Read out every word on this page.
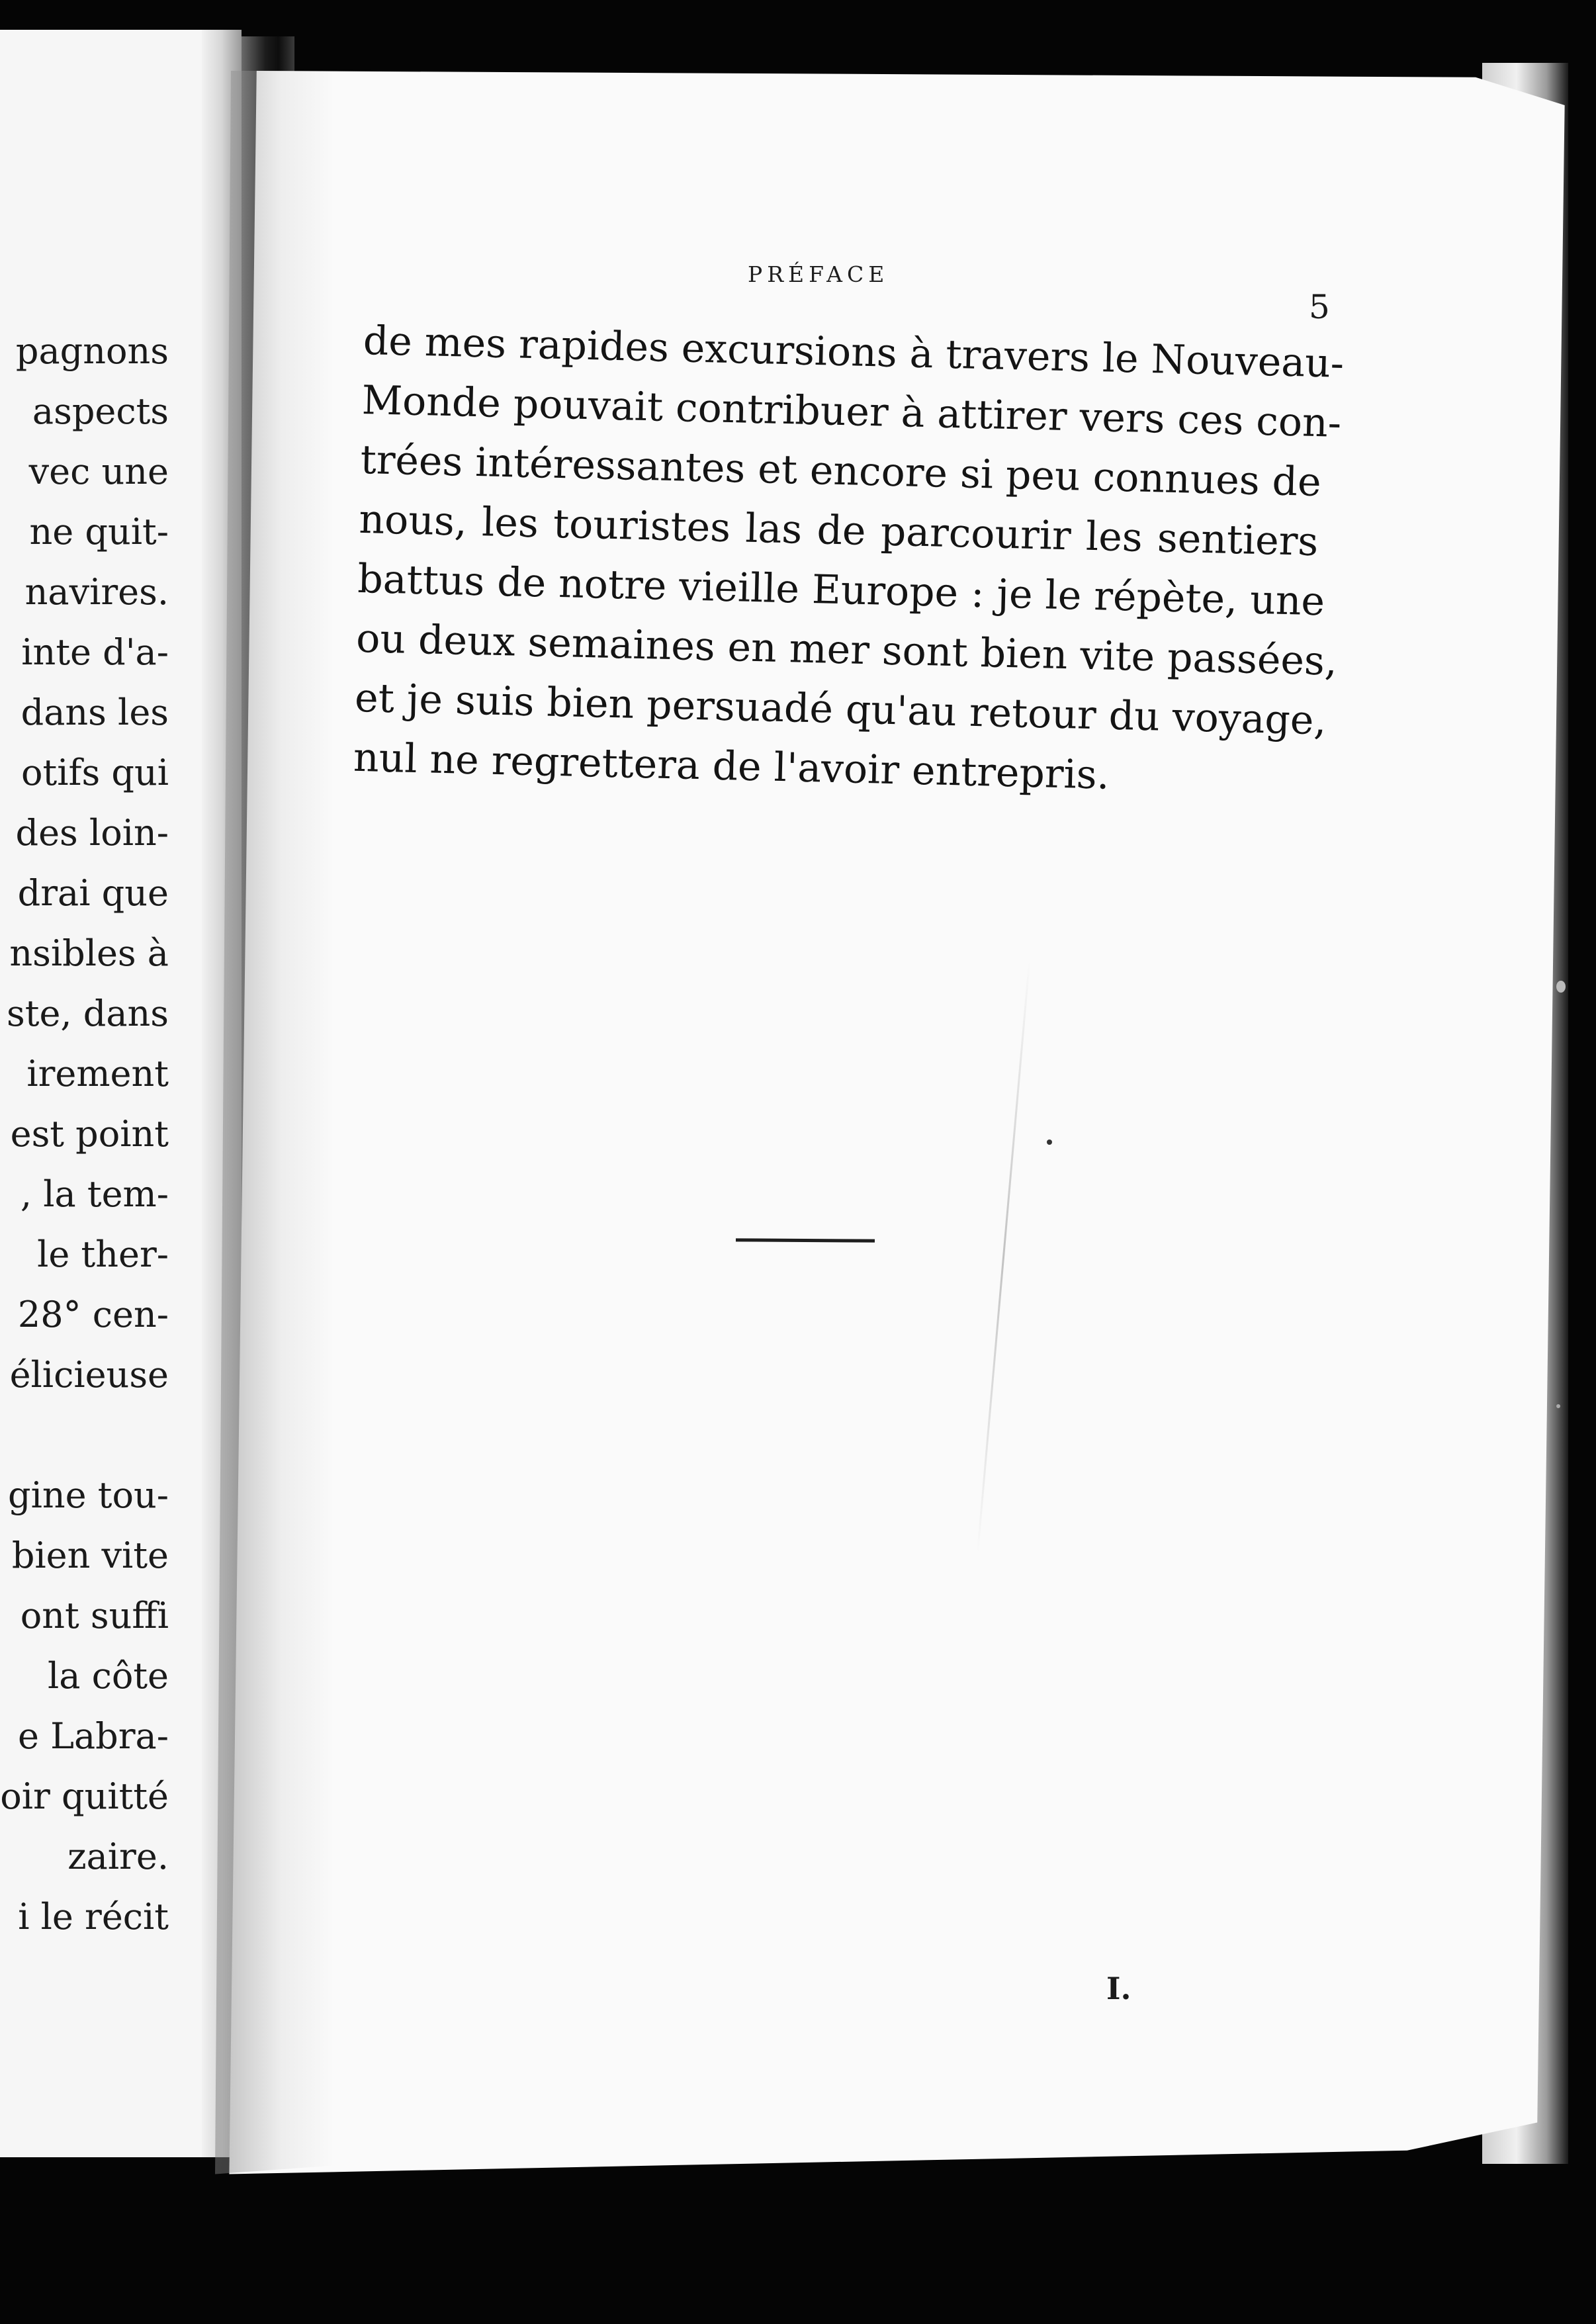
pagnons
aspects
vec une
ne quit-
navires.
inte d'a-
dans les
otifs qui
des loin-
drai que
nsibles à
ste, dans
irement
est point
, la tem-
le ther-
28° cen-
élicieuse
gine tou-
bien vite
ont suffi
la côte
e Labra-
oir quitté
zaire.
i le récit
PRÉFACE
5
de mes rapides excursions à travers le Nouveau-
Monde pouvait contribuer à attirer vers ces con-
trées intéressantes et encore si peu connues de
nous, les touristes las de parcourir les sentiers
battus de notre vieille Europe : je le répète, une
ou deux semaines en mer sont bien vite passées,
et je suis bien persuadé qu'au retour du voyage,
nul ne regrettera de l'avoir entrepris.
I.
